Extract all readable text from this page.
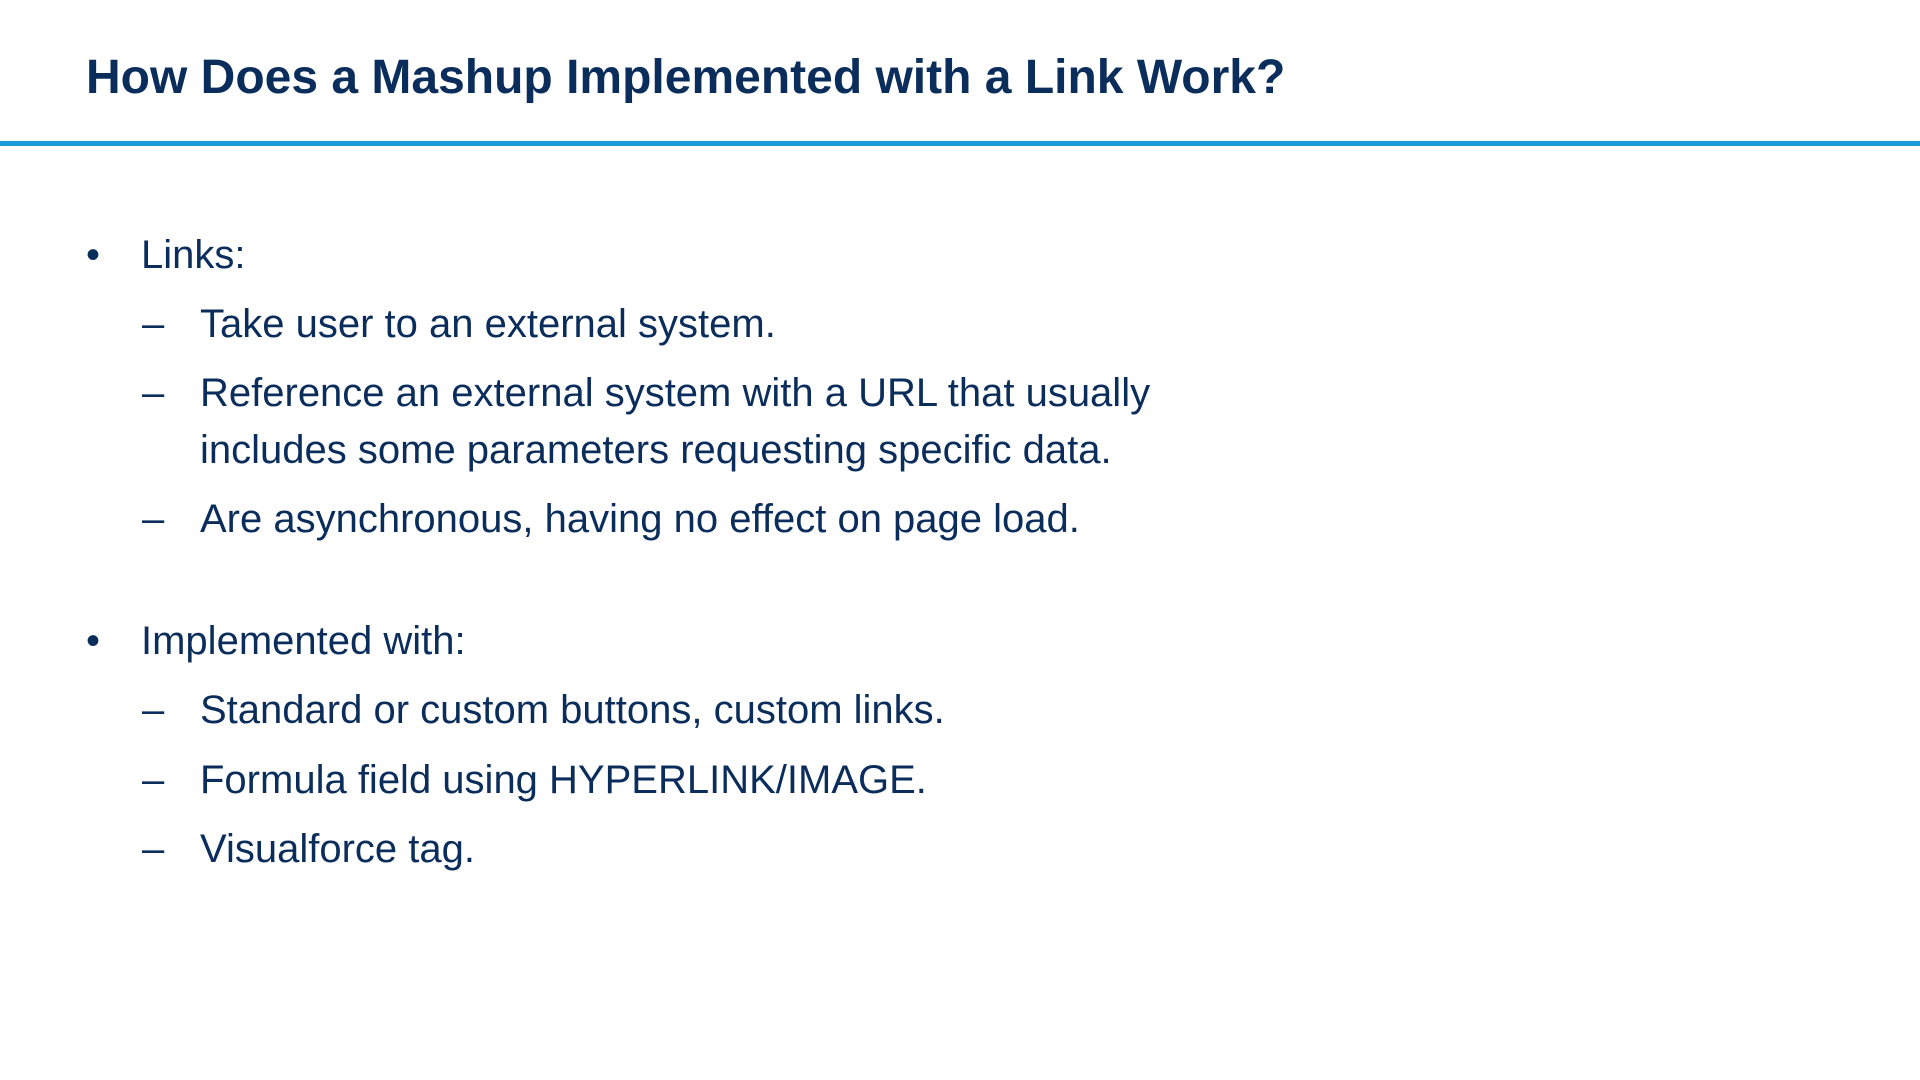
How Does a Mashup Implemented with a Link Work?
•	Links:
– Take user to an external system.
– Reference an external system with a URL that usually includes some parameters requesting specific data.
– Are asynchronous, having no effect on page load.
•	Implemented with:
– Standard or custom buttons, custom links.
– Formula field using HYPERLINK/IMAGE.
– Visualforce tag.
